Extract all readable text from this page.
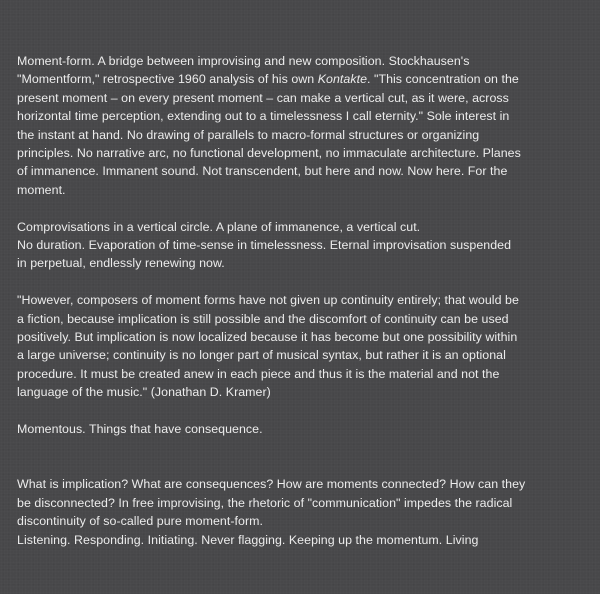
Moment-form. A bridge between improvising and new composition. Stockhausen's
"Momentform," retrospective 1960 analysis of his own Kontakte. "This concentration on the
present moment – on every present moment – can make a vertical cut, as it were, across
horizontal time perception, extending out to a timelessness I call eternity." Sole interest in
the instant at hand. No drawing of parallels to macro-formal structures or organizing
principles. No narrative arc, no functional development, no immaculate architecture. Planes
of immanence. Immanent sound. Not transcendent, but here and now. Now here. For the
moment.

Comprovisations in a vertical circle. A plane of immanence, a vertical cut.
No duration. Evaporation of time-sense in timelessness. Eternal improvisation suspended
in perpetual, endlessly renewing now.

"However, composers of moment forms have not given up continuity entirely; that would be
a fiction, because implication is still possible and the discomfort of continuity can be used
positively. But implication is now localized because it has become but one possibility within
a large universe; continuity is no longer part of musical syntax, but rather it is an optional
procedure. It must be created anew in each piece and thus it is the material and not the
language of the music." (Jonathan D. Kramer)

Momentous. Things that have consequence.

What is implication? What are consequences? How are moments connected? How can they
be disconnected? In free improvising, the rhetoric of "communication" impedes the radical
discontinuity of so-called pure moment-form.
Listening. Responding. Initiating. Never flagging. Keeping up the momentum. Living
